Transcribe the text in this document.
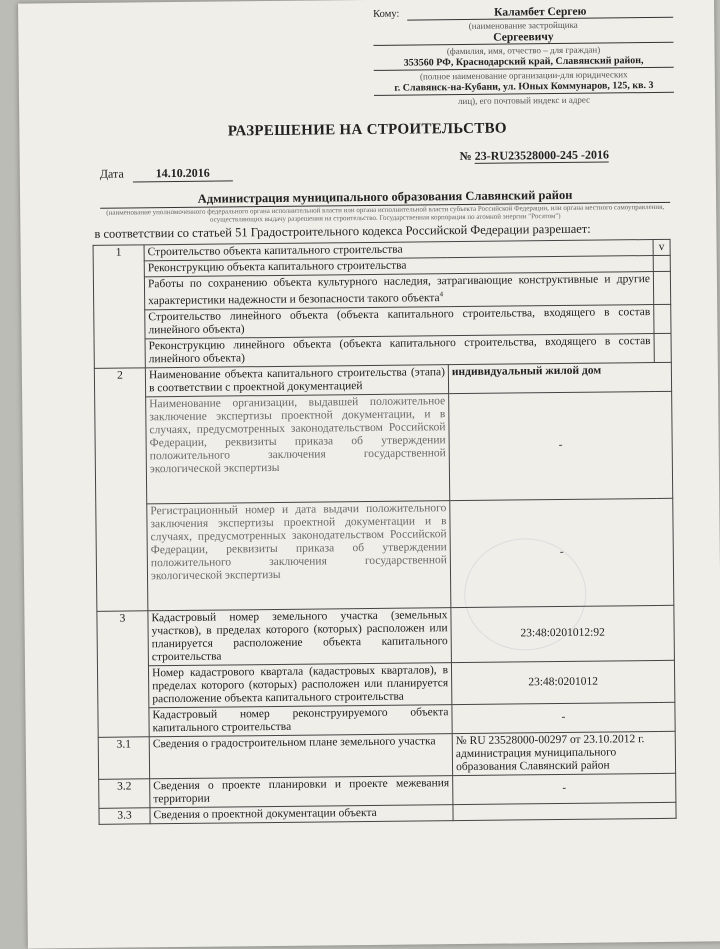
Кому:	Каламбет Сергею
(наименование застройщика
Сергеевичу
(фамилия, имя, отчество – для граждан)
353560 РФ, Краснодарский край, Славянский район,
(полное наименование организации-для юридических
г. Славянск-на-Кубани, ул. Юных Коммунаров, 125, кв. 3
лиц), его почтовый индекс и адрес
РАЗРЕШЕНИЕ НА СТРОИТЕЛЬСТВО
№ 23-RU23528000-245 -2016
Дата	14.10.2016
Администрация муниципального образования Славянский район
(наименование уполномоченного федерального органа исполнительной власти или органа исполнительной власти субъекта Российской Федерации, или органа местного самоуправления, осуществляющих выдачу разрешения на строительство. Государственная корпорация по атомной энергии "Росатом")
в соответствии со статьей 51 Градостроительного кодекса Российской Федерации разрешает:
1	Строительство объекта капитального строительства		v
	Реконструкцию объекта капитального строительства		
	Работы по сохранению объекта культурного наследия, затрагивающие конструктивные и другие характеристики надежности и безопасности такого объекта$^4$	
	Строительство линейного объекта (объекта капитального строительства, входящего в состав линейного объекта)		
	Реконструкцию линейного объекта (объекта капитального строительства, входящего в состав линейного объекта)		
2	Наименование объекта капитального строительства (этапа) в соответствии с проектной документацией	индивидуальный жилой дом	
	Наименование организации, выдавшей положительное заключение экспертизы проектной документации, и в случаях, предусмотренных законодательством Российской Федерации, реквизиты приказа об утверждении положительного заключения государственной экологической экспертизы	-	
	Регистрационный номер и дата выдачи положительного заключения экспертизы проектной документации и в случаях, предусмотренных законодательством Российской Федерации, реквизиты приказа об утверждении положительного заключения государственной экологической экспертизы	-	
3	Кадастровый номер земельного участка (земельных участков), в пределах которого (которых) расположен или планируется расположение объекта капитального строительства	23:48:0201012:92	
	Номер кадастрового квартала (кадастровых кварталов), в пределах которого (которых) расположен или планируется расположение объекта капитального строительства	23:48:0201012	
	Кадастровый номер реконструируемого объекта капитального строительства	-	
3.1	Сведения о градостроительном плане земельного участка	№ RU 23528000-00297 от 23.10.2012 г. администрация муниципального образования Славянский район	
3.2	Сведения о проекте планировки и проекте межевания территории	-	
3.3	Сведения о проектной документации объекта		
